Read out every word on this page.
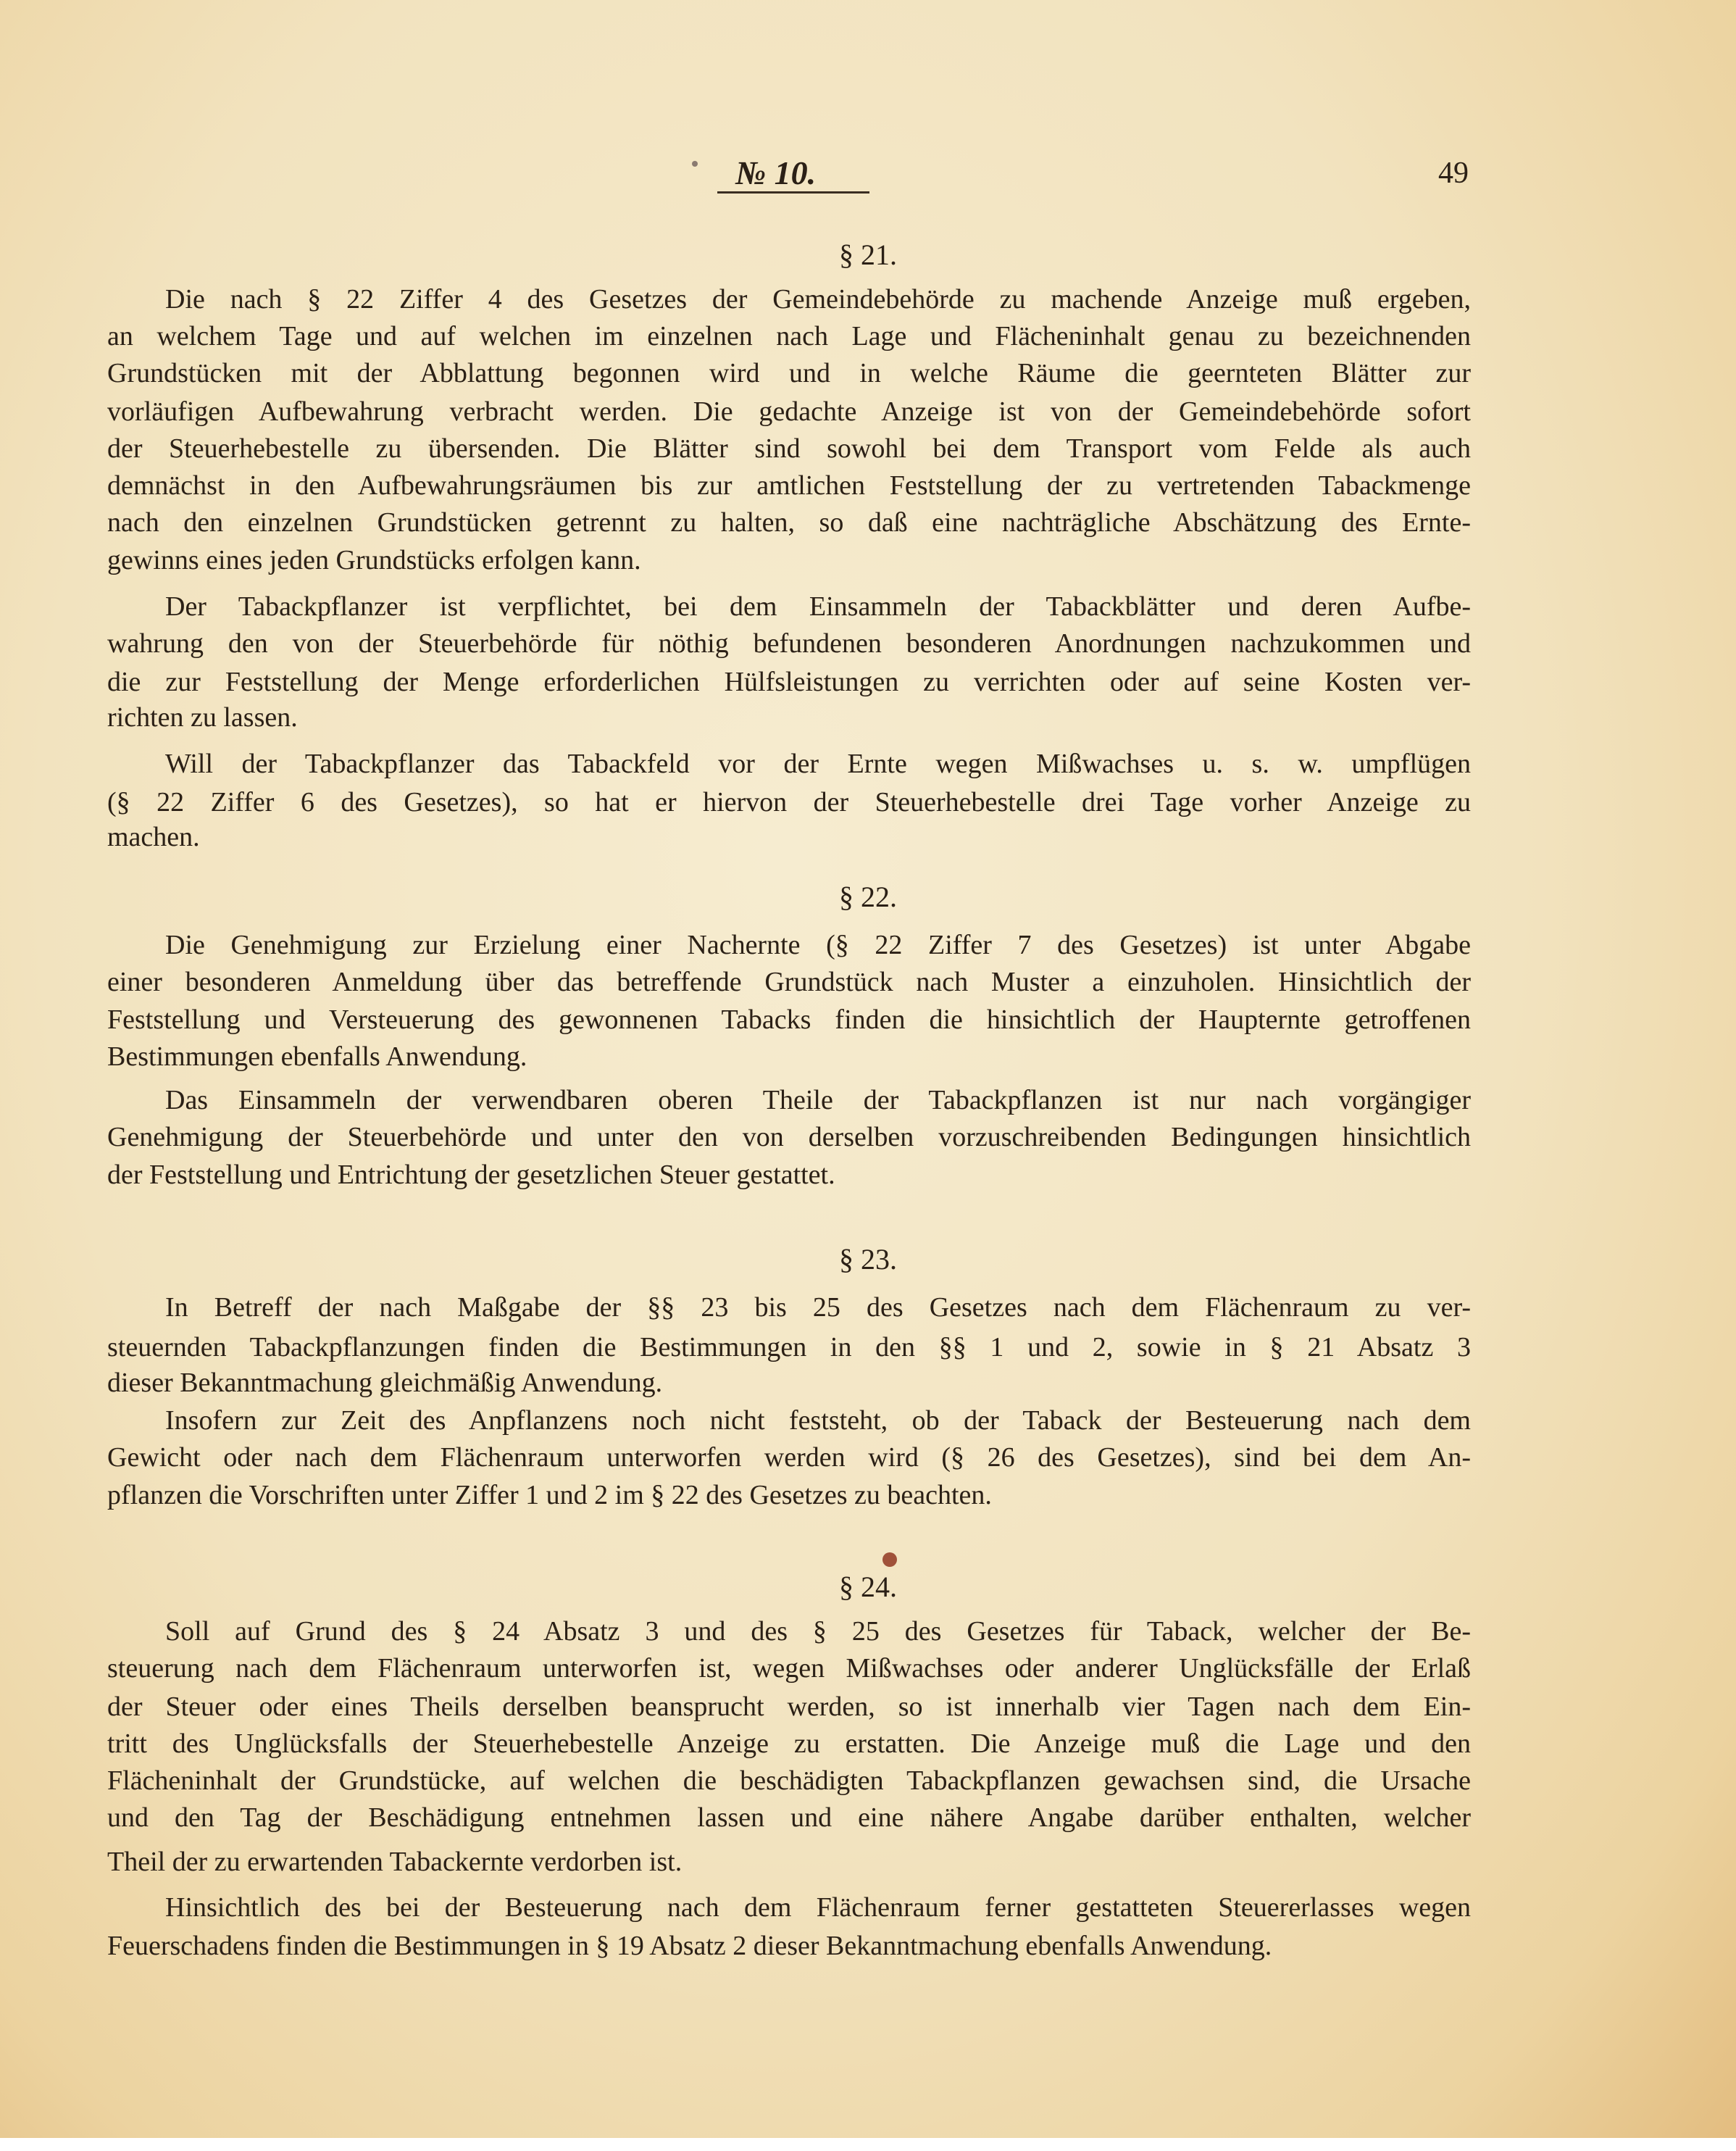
№ 10.	49
§ 21.
Die nach § 22 Ziffer 4 des Gesetzes der Gemeindebehörde zu machende Anzeige muß ergeben,
an welchem Tage und auf welchen im einzelnen nach Lage und Flächeninhalt genau zu bezeichnenden
Grundstücken mit der Abblattung begonnen wird und in welche Räume die geernteten Blätter zur
vorläufigen Aufbewahrung verbracht werden. Die gedachte Anzeige ist von der Gemeindebehörde sofort
der Steuerhebestelle zu übersenden. Die Blätter sind sowohl bei dem Transport vom Felde als auch
demnächst in den Aufbewahrungsräumen bis zur amtlichen Feststellung der zu vertretenden Tabackmenge
nach den einzelnen Grundstücken getrennt zu halten, so daß eine nachträgliche Abschätzung des Ernte-
gewinns eines jeden Grundstücks erfolgen kann.
Der Tabackpflanzer ist verpflichtet, bei dem Einsammeln der Tabackblätter und deren Aufbe-
wahrung den von der Steuerbehörde für nöthig befundenen besonderen Anordnungen nachzukommen und
die zur Feststellung der Menge erforderlichen Hülfsleistungen zu verrichten oder auf seine Kosten ver-
richten zu lassen.
Will der Tabackpflanzer das Tabackfeld vor der Ernte wegen Mißwachses u. s. w. umpflügen
(§ 22 Ziffer 6 des Gesetzes), so hat er hiervon der Steuerhebestelle drei Tage vorher Anzeige zu
machen.
§ 22.
Die Genehmigung zur Erzielung einer Nachernte (§ 22 Ziffer 7 des Gesetzes) ist unter Abgabe
einer besonderen Anmeldung über das betreffende Grundstück nach Muster a einzuholen. Hinsichtlich der
Feststellung und Versteuerung des gewonnenen Tabacks finden die hinsichtlich der Haupternte getroffenen
Bestimmungen ebenfalls Anwendung.
Das Einsammeln der verwendbaren oberen Theile der Tabackpflanzen ist nur nach vorgängiger
Genehmigung der Steuerbehörde und unter den von derselben vorzuschreibenden Bedingungen hinsichtlich
der Feststellung und Entrichtung der gesetzlichen Steuer gestattet.
§ 23.
In Betreff der nach Maßgabe der §§ 23 bis 25 des Gesetzes nach dem Flächenraum zu ver-
steuernden Tabackpflanzungen finden die Bestimmungen in den §§ 1 und 2, sowie in § 21 Absatz 3
dieser Bekanntmachung gleichmäßig Anwendung.
Insofern zur Zeit des Anpflanzens noch nicht feststeht, ob der Taback der Besteuerung nach dem
Gewicht oder nach dem Flächenraum unterworfen werden wird (§ 26 des Gesetzes), sind bei dem An-
pflanzen die Vorschriften unter Ziffer 1 und 2 im § 22 des Gesetzes zu beachten.
§ 24.
Soll auf Grund des § 24 Absatz 3 und des § 25 des Gesetzes für Taback, welcher der Be-
steuerung nach dem Flächenraum unterworfen ist, wegen Mißwachses oder anderer Unglücksfälle der Erlaß
der Steuer oder eines Theils derselben beansprucht werden, so ist innerhalb vier Tagen nach dem Ein-
tritt des Unglücksfalls der Steuerhebestelle Anzeige zu erstatten. Die Anzeige muß die Lage und den
Flächeninhalt der Grundstücke, auf welchen die beschädigten Tabackpflanzen gewachsen sind, die Ursache
und den Tag der Beschädigung entnehmen lassen und eine nähere Angabe darüber enthalten, welcher
Theil der zu erwartenden Tabackernte verdorben ist.
Hinsichtlich des bei der Besteuerung nach dem Flächenraum ferner gestatteten Steuererlasses wegen
Feuerschadens finden die Bestimmungen in § 19 Absatz 2 dieser Bekanntmachung ebenfalls Anwendung.
